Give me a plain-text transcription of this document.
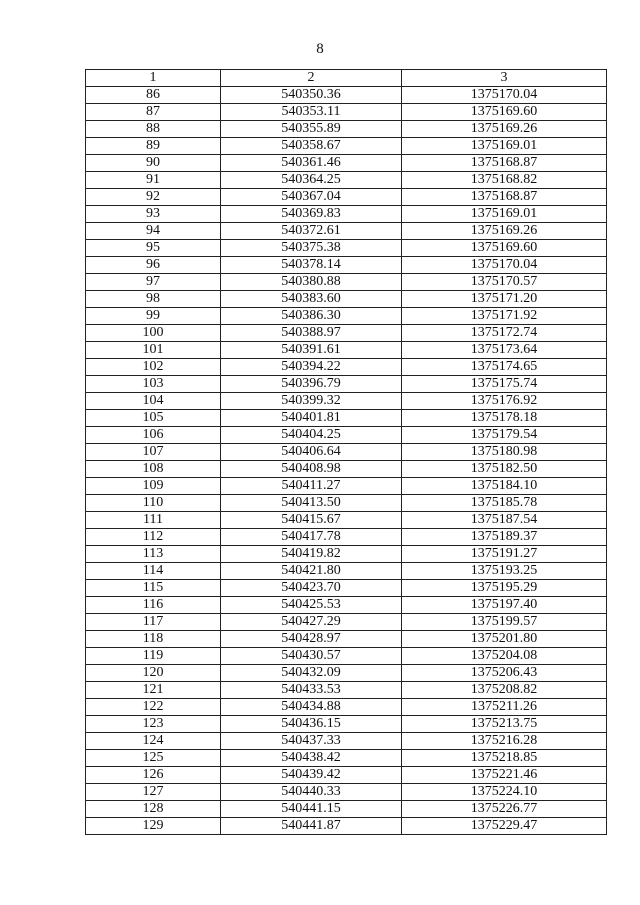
8
1	2	3
86	540350.36	1375170.04
87	540353.11	1375169.60
88	540355.89	1375169.26
89	540358.67	1375169.01
90	540361.46	1375168.87
91	540364.25	1375168.82
92	540367.04	1375168.87
93	540369.83	1375169.01
94	540372.61	1375169.26
95	540375.38	1375169.60
96	540378.14	1375170.04
97	540380.88	1375170.57
98	540383.60	1375171.20
99	540386.30	1375171.92
100	540388.97	1375172.74
101	540391.61	1375173.64
102	540394.22	1375174.65
103	540396.79	1375175.74
104	540399.32	1375176.92
105	540401.81	1375178.18
106	540404.25	1375179.54
107	540406.64	1375180.98
108	540408.98	1375182.50
109	540411.27	1375184.10
110	540413.50	1375185.78
111	540415.67	1375187.54
112	540417.78	1375189.37
113	540419.82	1375191.27
114	540421.80	1375193.25
115	540423.70	1375195.29
116	540425.53	1375197.40
117	540427.29	1375199.57
118	540428.97	1375201.80
119	540430.57	1375204.08
120	540432.09	1375206.43
121	540433.53	1375208.82
122	540434.88	1375211.26
123	540436.15	1375213.75
124	540437.33	1375216.28
125	540438.42	1375218.85
126	540439.42	1375221.46
127	540440.33	1375224.10
128	540441.15	1375226.77
129	540441.87	1375229.47
